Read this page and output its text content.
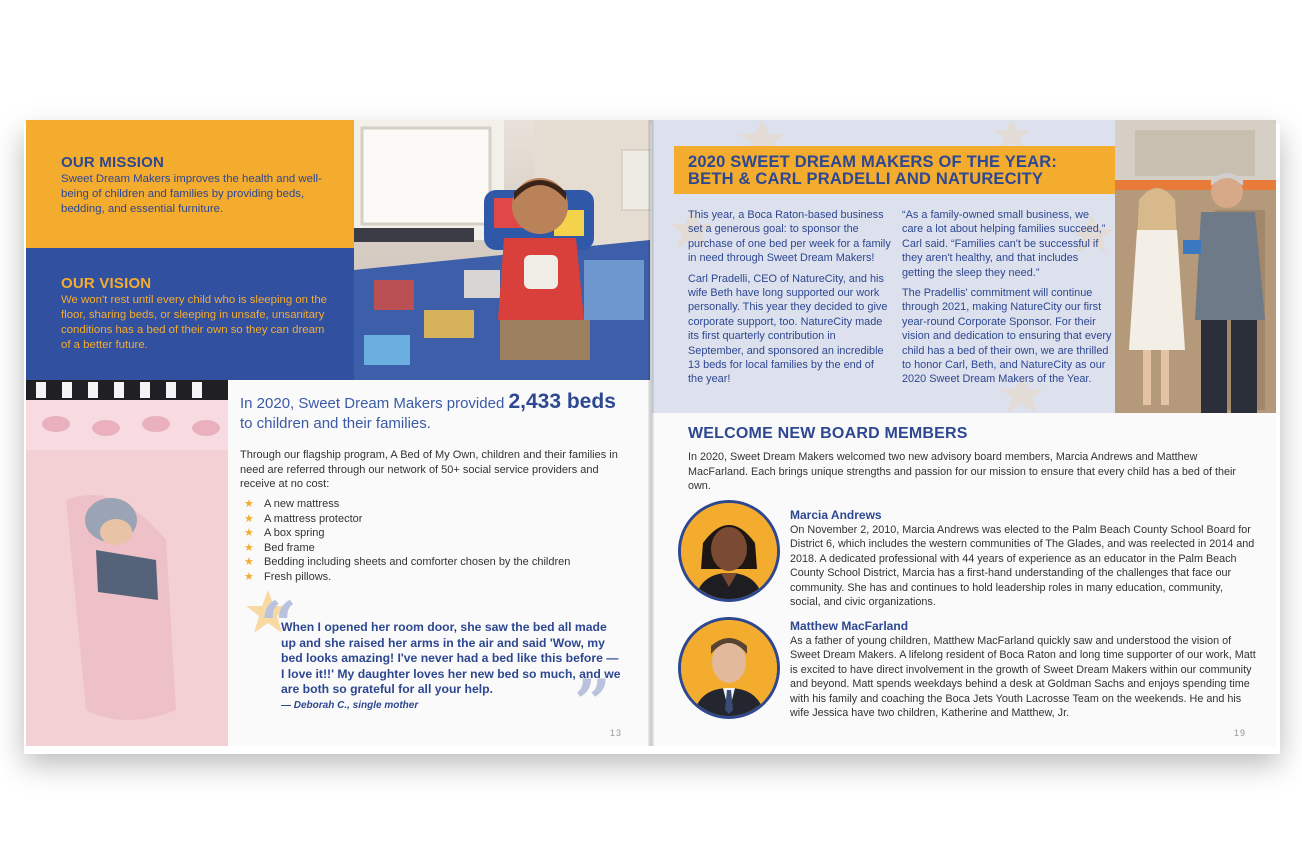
OUR MISSION
Sweet Dream Makers improves the health and well-being of children and families by providing beds, bedding, and essential furniture.
OUR VISION
We won't rest until every child who is sleeping on the floor, sharing beds, or sleeping in unsafe, unsanitary conditions has a bed of their own so they can dream of a better future.
In 2020, Sweet Dream Makers provided 2,433 beds
to children and their families.
Through our flagship program, A Bed of My Own, children and their families in need are referred through our network of 50+ social service providers and receive at no cost:
★ A new mattress
★ A mattress protector
★ A box spring
★ Bed frame
★ Bedding including sheets and comforter chosen by the children
★ Fresh pillows.
“
When I opened her room door, she saw the bed all made up and she raised her arms in the air and said 'Wow, my bed looks amazing! I've never had a bed like this before — I love it!!' My daughter loves her new bed so much, and we are both so grateful for all your help.	”
— Deborah C., single mother
13
2020 SWEET DREAM MAKERS OF THE YEAR:
BETH & CARL PRADELLI AND NATURECITY

This year, a Boca Raton-based business set a generous goal: to sponsor the purchase of one bed per week for a family in need through Sweet Dream Makers!

Carl Pradelli, CEO of NatureCity, and his wife Beth have long supported our work personally. This year they decided to give corporate support, too. NatureCity made its first quarterly contribution in September, and sponsored an incredible 13 beds for local families by the end of the year!

“As a family-owned small business, we care a lot about helping families succeed,” Carl said. “Families can't be successful if they aren't healthy, and that includes getting the sleep they need.”

The Pradellis' commitment will continue through 2021, making NatureCity our first year-round Corporate Sponsor. For their vision and dedication to ensuring that every child has a bed of their own, we are thrilled to honor Carl, Beth, and NatureCity as our 2020 Sweet Dream Makers of the Year.

WELCOME NEW BOARD MEMBERS
In 2020, Sweet Dream Makers welcomed two new advisory board members, Marcia Andrews and Matthew MacFarland. Each brings unique strengths and passion for our mission to ensure that every child has a bed of their own.
Marcia Andrews
On November 2, 2010, Marcia Andrews was elected to the Palm Beach County School Board for District 6, which includes the western communities of The Glades, and was reelected in 2014 and 2018. A dedicated professional with 44 years of experience as an educator in the Palm Beach County School District, Marcia has a first-hand understanding of the challenges that face our community. She has and continues to hold leadership roles in many education, community, social, and civic organizations.
Matthew MacFarland
As a father of young children, Matthew MacFarland quickly saw and understood the vision of Sweet Dream Makers. A lifelong resident of Boca Raton and long time supporter of our work, Matt is excited to have direct involvement in the growth of Sweet Dream Makers within our community and beyond. Matt spends weekdays behind a desk at Goldman Sachs and enjoys spending time with his family and coaching the Boca Jets Youth Lacrosse Team on the weekends. He and his wife Jessica have two children, Katherine and Matthew, Jr.
19
